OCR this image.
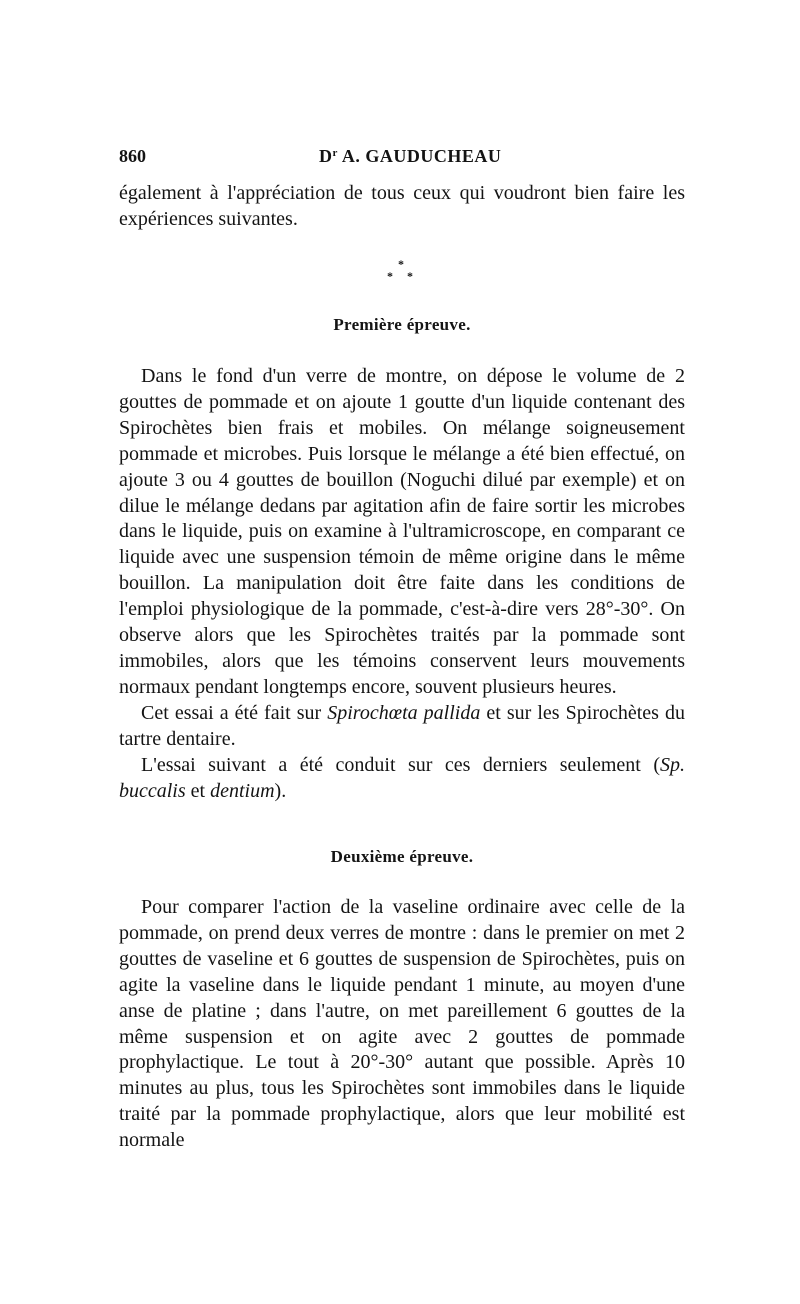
860	$D^r$ A. GAUDUCHEAU

également à l'appréciation de tous ceux qui voudront bien faire les expériences suivantes.

*
* *
Première épreuve.

Dans le fond d'un verre de montre, on dépose le volume de 2 gouttes de pommade et on ajoute 1 goutte d'un liquide contenant des Spirochètes bien frais et mobiles. On mélange soigneusement pommade et microbes. Puis lorsque le mélange a été bien effectué, on ajoute 3 ou 4 gouttes de bouillon (Noguchi dilué par exemple) et on dilue le mélange dedans par agitation afin de faire sortir les microbes dans le liquide, puis on examine à l'ultramicroscope, en comparant ce liquide avec une suspension témoin de même origine dans le même bouillon. La manipulation doit être faite dans les conditions de l'emploi physiologique de la pommade, c'est-à-dire vers 28°-30°. On observe alors que les Spirochètes traités par la pommade sont immobiles, alors que les témoins conservent leurs mouvements normaux pendant longtemps encore, souvent plusieurs heures.

Cet essai a été fait sur Spirochœta pallida et sur les Spirochètes du tartre dentaire.

L'essai suivant a été conduit sur ces derniers seulement (Sp. buccalis et dentium).

Deuxième épreuve.

Pour comparer l'action de la vaseline ordinaire avec celle de la pommade, on prend deux verres de montre : dans le premier on met 2 gouttes de vaseline et 6 gouttes de suspension de Spirochètes, puis on agite la vaseline dans le liquide pendant 1 minute, au moyen d'une anse de platine ; dans l'autre, on met pareillement 6 gouttes de la même suspension et on agite avec 2 gouttes de pommade prophylactique. Le tout à 20°-30° autant que possible. Après 10 minutes au plus, tous les Spirochètes sont immobiles dans le liquide traité par la pommade prophylactique, alors que leur mobilité est normale
